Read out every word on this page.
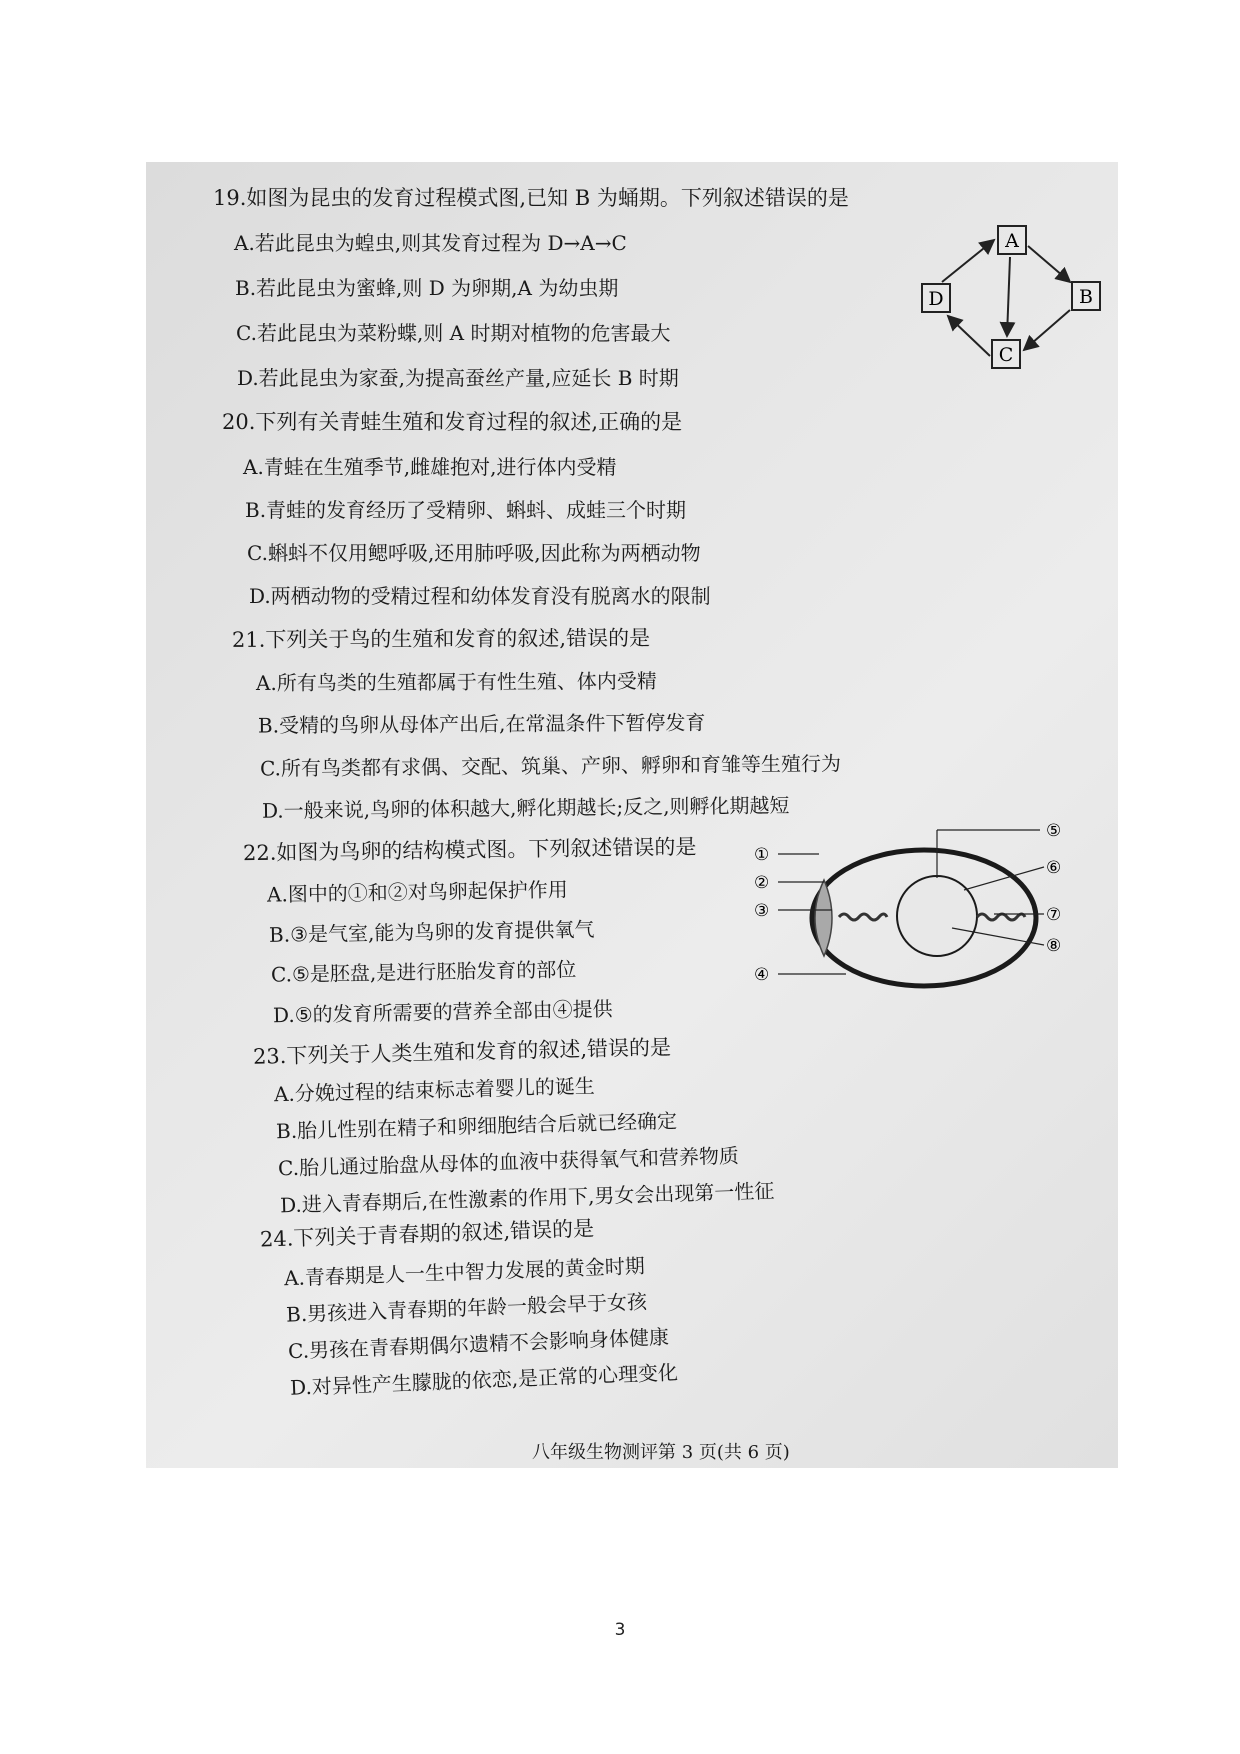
19.如图为昆虫的发育过程模式图,已知 B 为蛹期。下列叙述错误的是
A.若此昆虫为蝗虫,则其发育过程为 D→A→C
B.若此昆虫为蜜蜂,则 D 为卵期,A 为幼虫期
C.若此昆虫为菜粉蝶,则 A 时期对植物的危害最大
D.若此昆虫为家蚕,为提高蚕丝产量,应延长 B 时期
A
B
C
D
20.下列有关青蛙生殖和发育过程的叙述,正确的是
A.青蛙在生殖季节,雌雄抱对,进行体内受精
B.青蛙的发育经历了受精卵、蝌蚪、成蛙三个时期
C.蝌蚪不仅用鳃呼吸,还用肺呼吸,因此称为两栖动物
D.两栖动物的受精过程和幼体发育没有脱离水的限制
21.下列关于鸟的生殖和发育的叙述,错误的是
A.所有鸟类的生殖都属于有性生殖、体内受精
B.受精的鸟卵从母体产出后,在常温条件下暂停发育
C.所有鸟类都有求偶、交配、筑巢、产卵、孵卵和育雏等生殖行为
D.一般来说,鸟卵的体积越大,孵化期越长;反之,则孵化期越短
22.如图为鸟卵的结构模式图。下列叙述错误的是
A.图中的①和②对鸟卵起保护作用
B.③是气室,能为鸟卵的发育提供氧气
C.⑤是胚盘,是进行胚胎发育的部位
D.⑤的发育所需要的营养全部由④提供
①
②
③
④
⑤
⑥
⑦
⑧
23.下列关于人类生殖和发育的叙述,错误的是
A.分娩过程的结束标志着婴儿的诞生
B.胎儿性别在精子和卵细胞结合后就已经确定
C.胎儿通过胎盘从母体的血液中获得氧气和营养物质
D.进入青春期后,在性激素的作用下,男女会出现第一性征
24.下列关于青春期的叙述,错误的是
A.青春期是人一生中智力发展的黄金时期
B.男孩进入青春期的年龄一般会早于女孩
C.男孩在青春期偶尔遗精不会影响身体健康
D.对异性产生朦胧的依恋,是正常的心理变化
八年级生物测评第 3 页(共 6 页)
3
